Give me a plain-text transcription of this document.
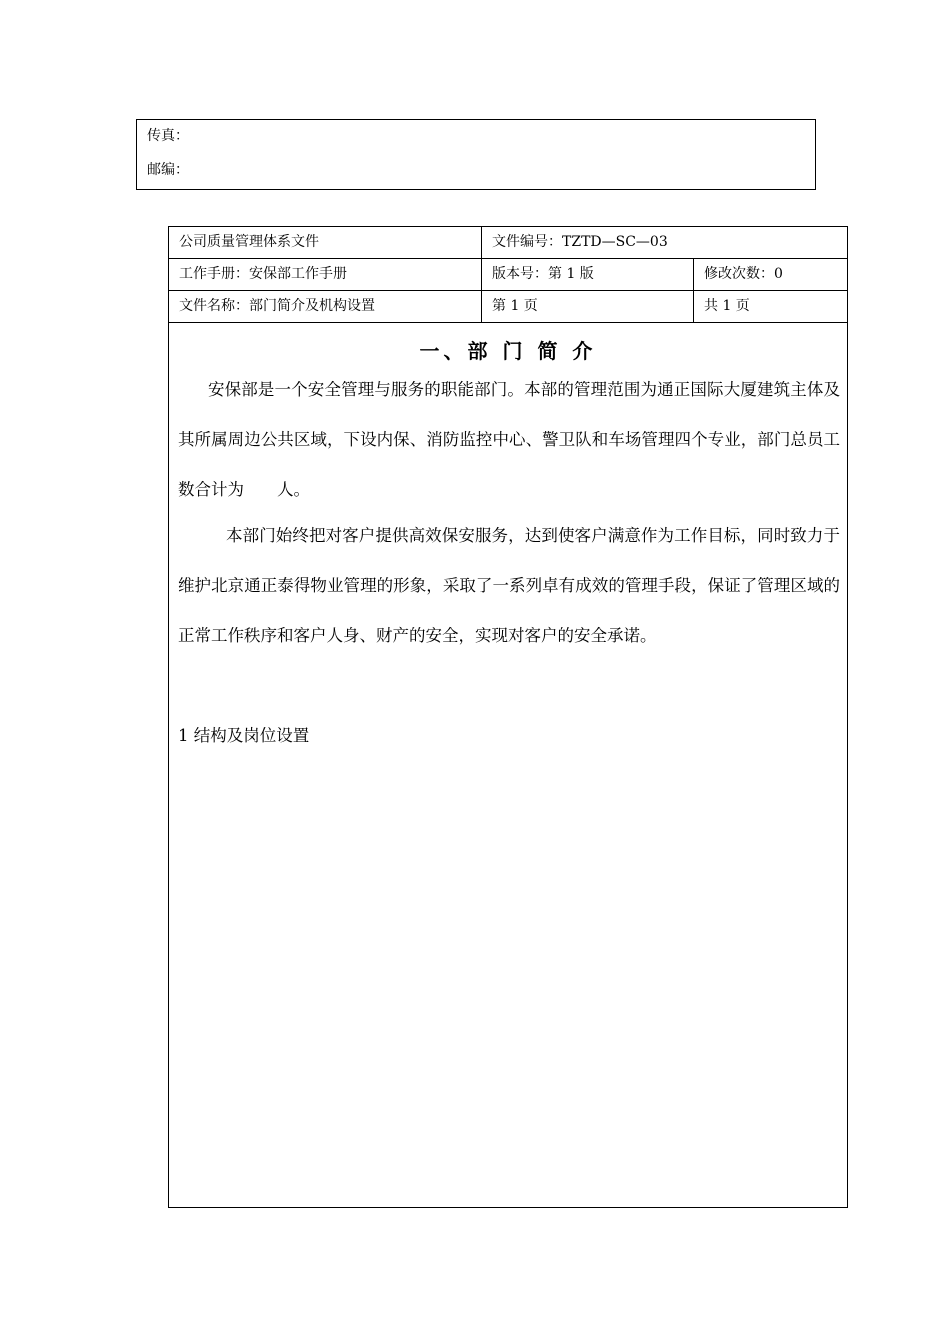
传真：
邮编：
公司质量管理体系文件	文件编号：TZTD—SC—03
工作手册：安保部工作手册	版本号：第 1 版	修改次数：0
文件名称：部门简介及机构设置	第 1 页	共 1 页
一、部 门 简 介

安保部是一个安全管理与服务的职能部门。本部的管理范围为通正国际大厦建筑主体及其所属周边公共区域，下设内保、消防监控中心、警卫队和车场管理四个专业，部门总员工数合计为　　人。

本部门始终把对客户提供高效保安服务，达到使客户满意作为工作目标，同时致力于维护北京通正泰得物业管理的形象，采取了一系列卓有成效的管理手段，保证了管理区域的正常工作秩序和客户人身、财产的安全，实现对客户的安全承诺。

1 结构及岗位设置
